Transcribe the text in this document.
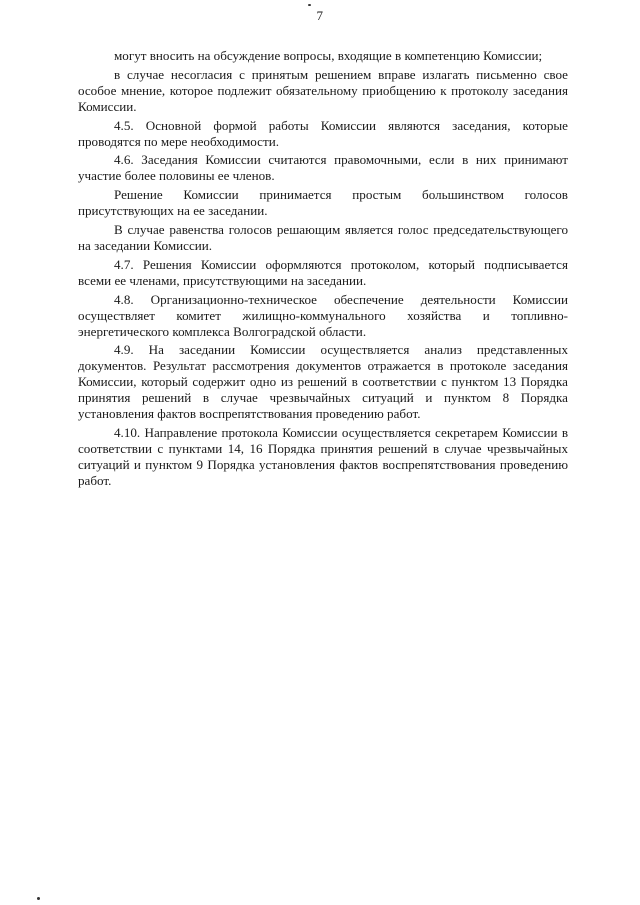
7

могут вносить на обсуждение вопросы, входящие в компетенцию Комиссии;

в случае несогласия с принятым решением вправе излагать письменно свое особое мнение, которое подлежит обязательному приобщению к протоколу заседания Комиссии.

4.5. Основной формой работы Комиссии являются заседания, которые проводятся по мере необходимости.

4.6. Заседания Комиссии считаются правомочными, если в них принимают участие более половины ее членов.

Решение Комиссии принимается простым большинством голосов присутствующих на ее заседании.

В случае равенства голосов решающим является голос председательствующего на заседании Комиссии.

4.7. Решения Комиссии оформляются протоколом, который подписывается всеми ее членами, присутствующими на заседании.

4.8. Организационно-техническое обеспечение деятельности Комиссии осуществляет комитет жилищно-коммунального хозяйства и топливно-энергетического комплекса Волгоградской области.

4.9. На заседании Комиссии осуществляется анализ представленных документов. Результат рассмотрения документов отражается в протоколе заседания Комиссии, который содержит одно из решений в соответствии с пунктом 13 Порядка принятия решений в случае чрезвычайных ситуаций и пунктом 8 Порядка установления фактов воспрепятствования проведению работ.

4.10. Направление протокола Комиссии осуществляется секретарем Комиссии в соответствии с пунктами 14, 16 Порядка принятия решений в случае чрезвычайных ситуаций и пунктом 9 Порядка установления фактов воспрепятствования проведению работ.
